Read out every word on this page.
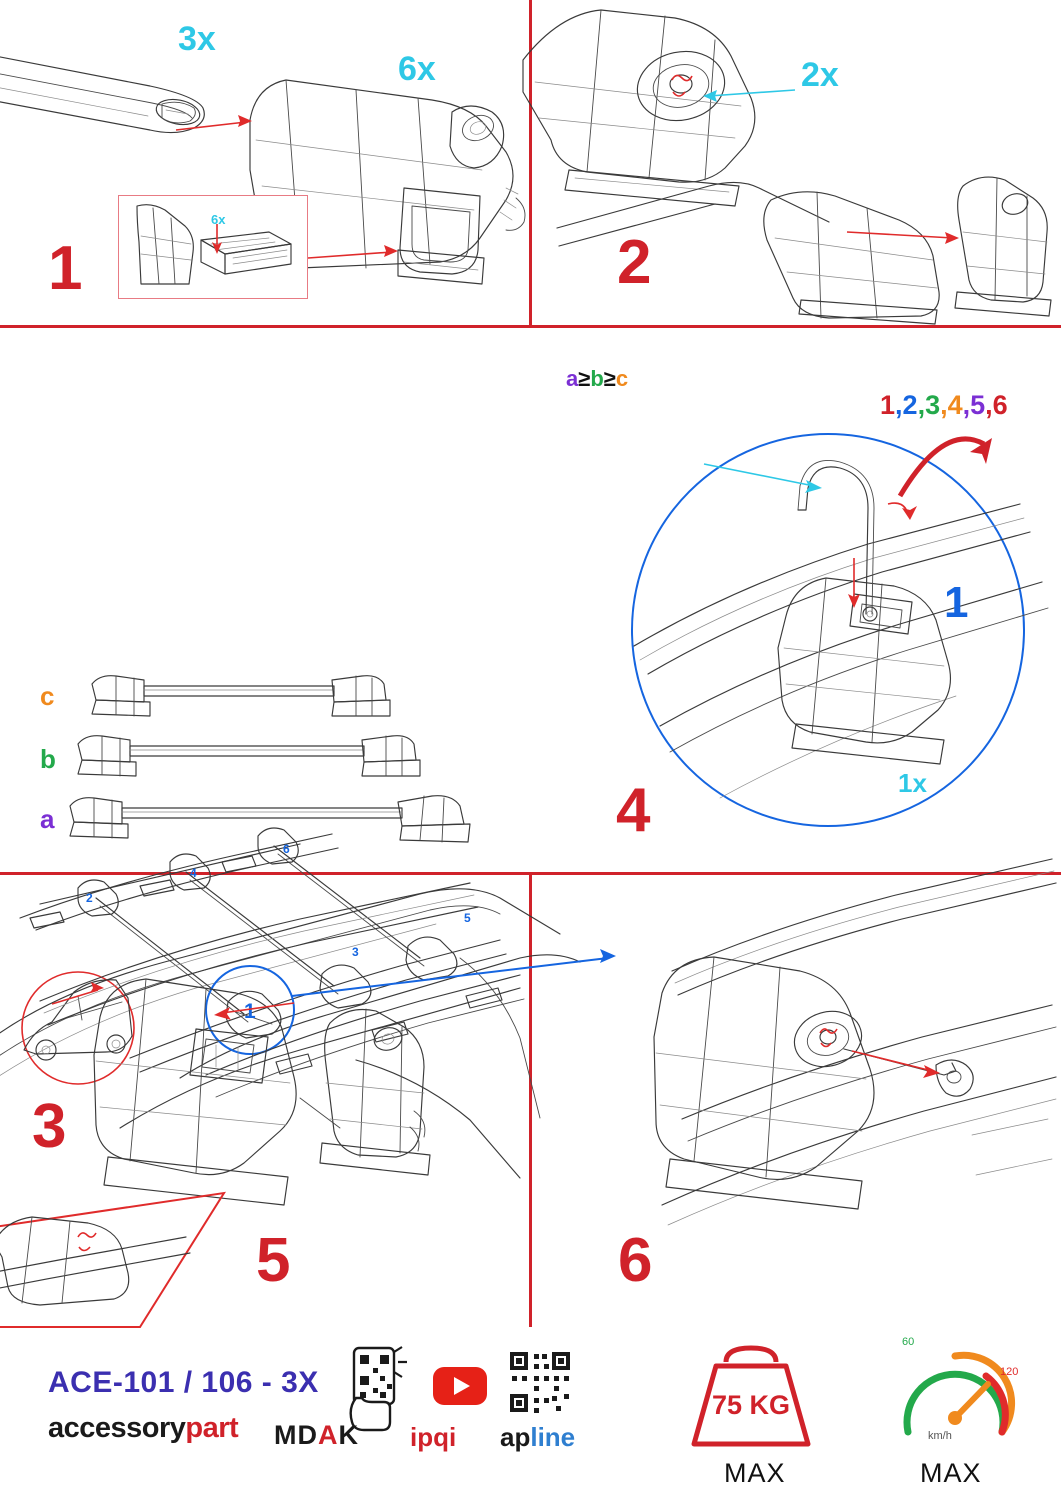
6x
3x
6x
1
2x
2
c
b
a
2
4
6
3
5
1
3
a≥b≥c
1x
1,2,3,4,5,6
1
4
5	6
ACE-101 / 106 - 3X
accessorypart MDAK ipqi apline
75 KG
MAX
60
120
km/h
MAX
